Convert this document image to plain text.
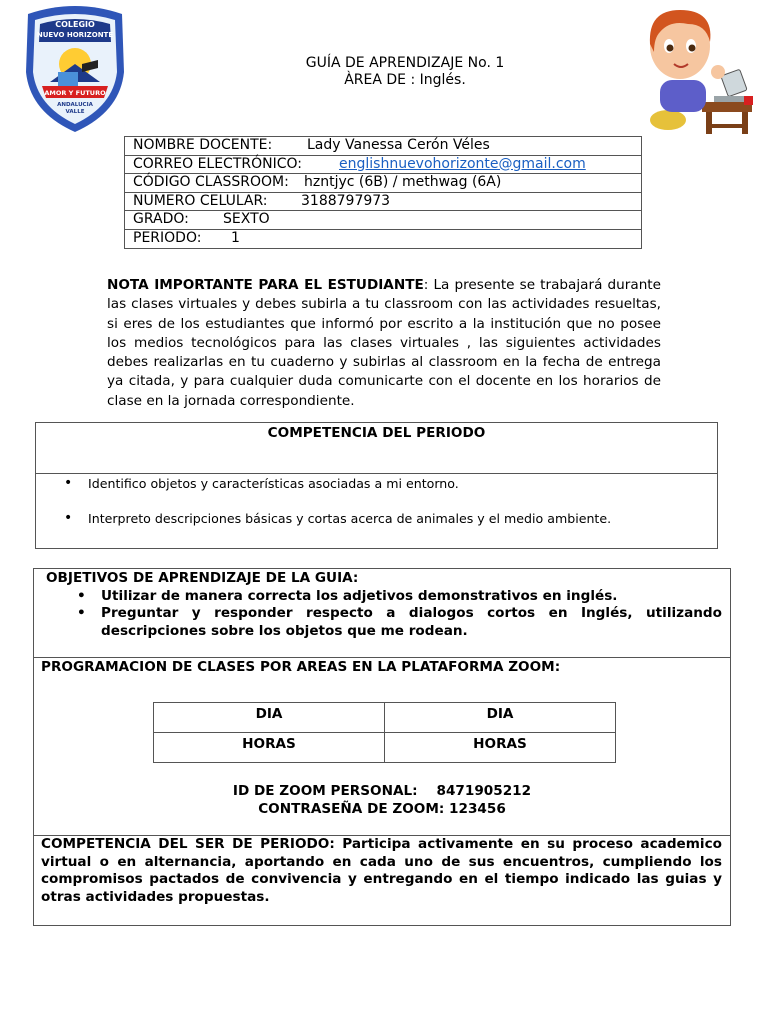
COLEGIO
NUEVO HORIZONTE
AMOR Y FUTURO
ANDALUCIA
VALLE
GUÍA DE APRENDIZAJE No. 1
ÀREA DE : Inglés.
NOMBRE DOCENTE: Lady Vanessa Cerón Véles
CORREO ELECTRÓNICO:	englishnuevohorizonte@gmail.com
CÓDIGO CLASSROOM: hzntjyc (6B) / methwag (6A)
NUMERO CELULAR: 3188797973
GRADO: SEXTO
PERIODO: 1

NOTA IMPORTANTE PARA EL ESTUDIANTE: La presente se trabajará durante las clases virtuales y debes subirla a tu classroom con las actividades resueltas, si eres de los estudiantes que informó por escrito a la institución que no posee los medios tecnológicos para las clases virtuales , las siguientes actividades debes realizarlas en tu cuaderno y subirlas al classroom en la fecha de entrega ya citada, y para cualquier duda comunicarte con el docente en los horarios de clase en la jornada correspondiente.

COMPETENCIA DEL PERIODO
• Identifico objetos y características asociadas a mi entorno.
• Interpreto descripciones básicas y cortas acerca de animales y el medio ambiente.
OBJETIVOS DE APRENDIZAJE DE LA GUIA:
• Utilizar de manera correcta los adjetivos demonstrativos en inglés.
• Preguntar y responder respecto a dialogos cortos en Inglés, utilizando descripciones sobre los objetos que me rodean.
PROGRAMACION DE CLASES POR AREAS EN LA PLATAFORMA ZOOM:
DIA	DIA
HORAS	HORAS
ID DE ZOOM PERSONAL:    8471905212
CONTRASEÑA DE ZOOM: 123456
COMPETENCIA DEL SER DE PERIODO: Participa activamente en su proceso academico virtual o en alternancia, aportando en cada uno de sus encuentros, cumpliendo los compromisos pactados de convivencia y entregando en el tiempo indicado las guias y otras actividades propuestas.
